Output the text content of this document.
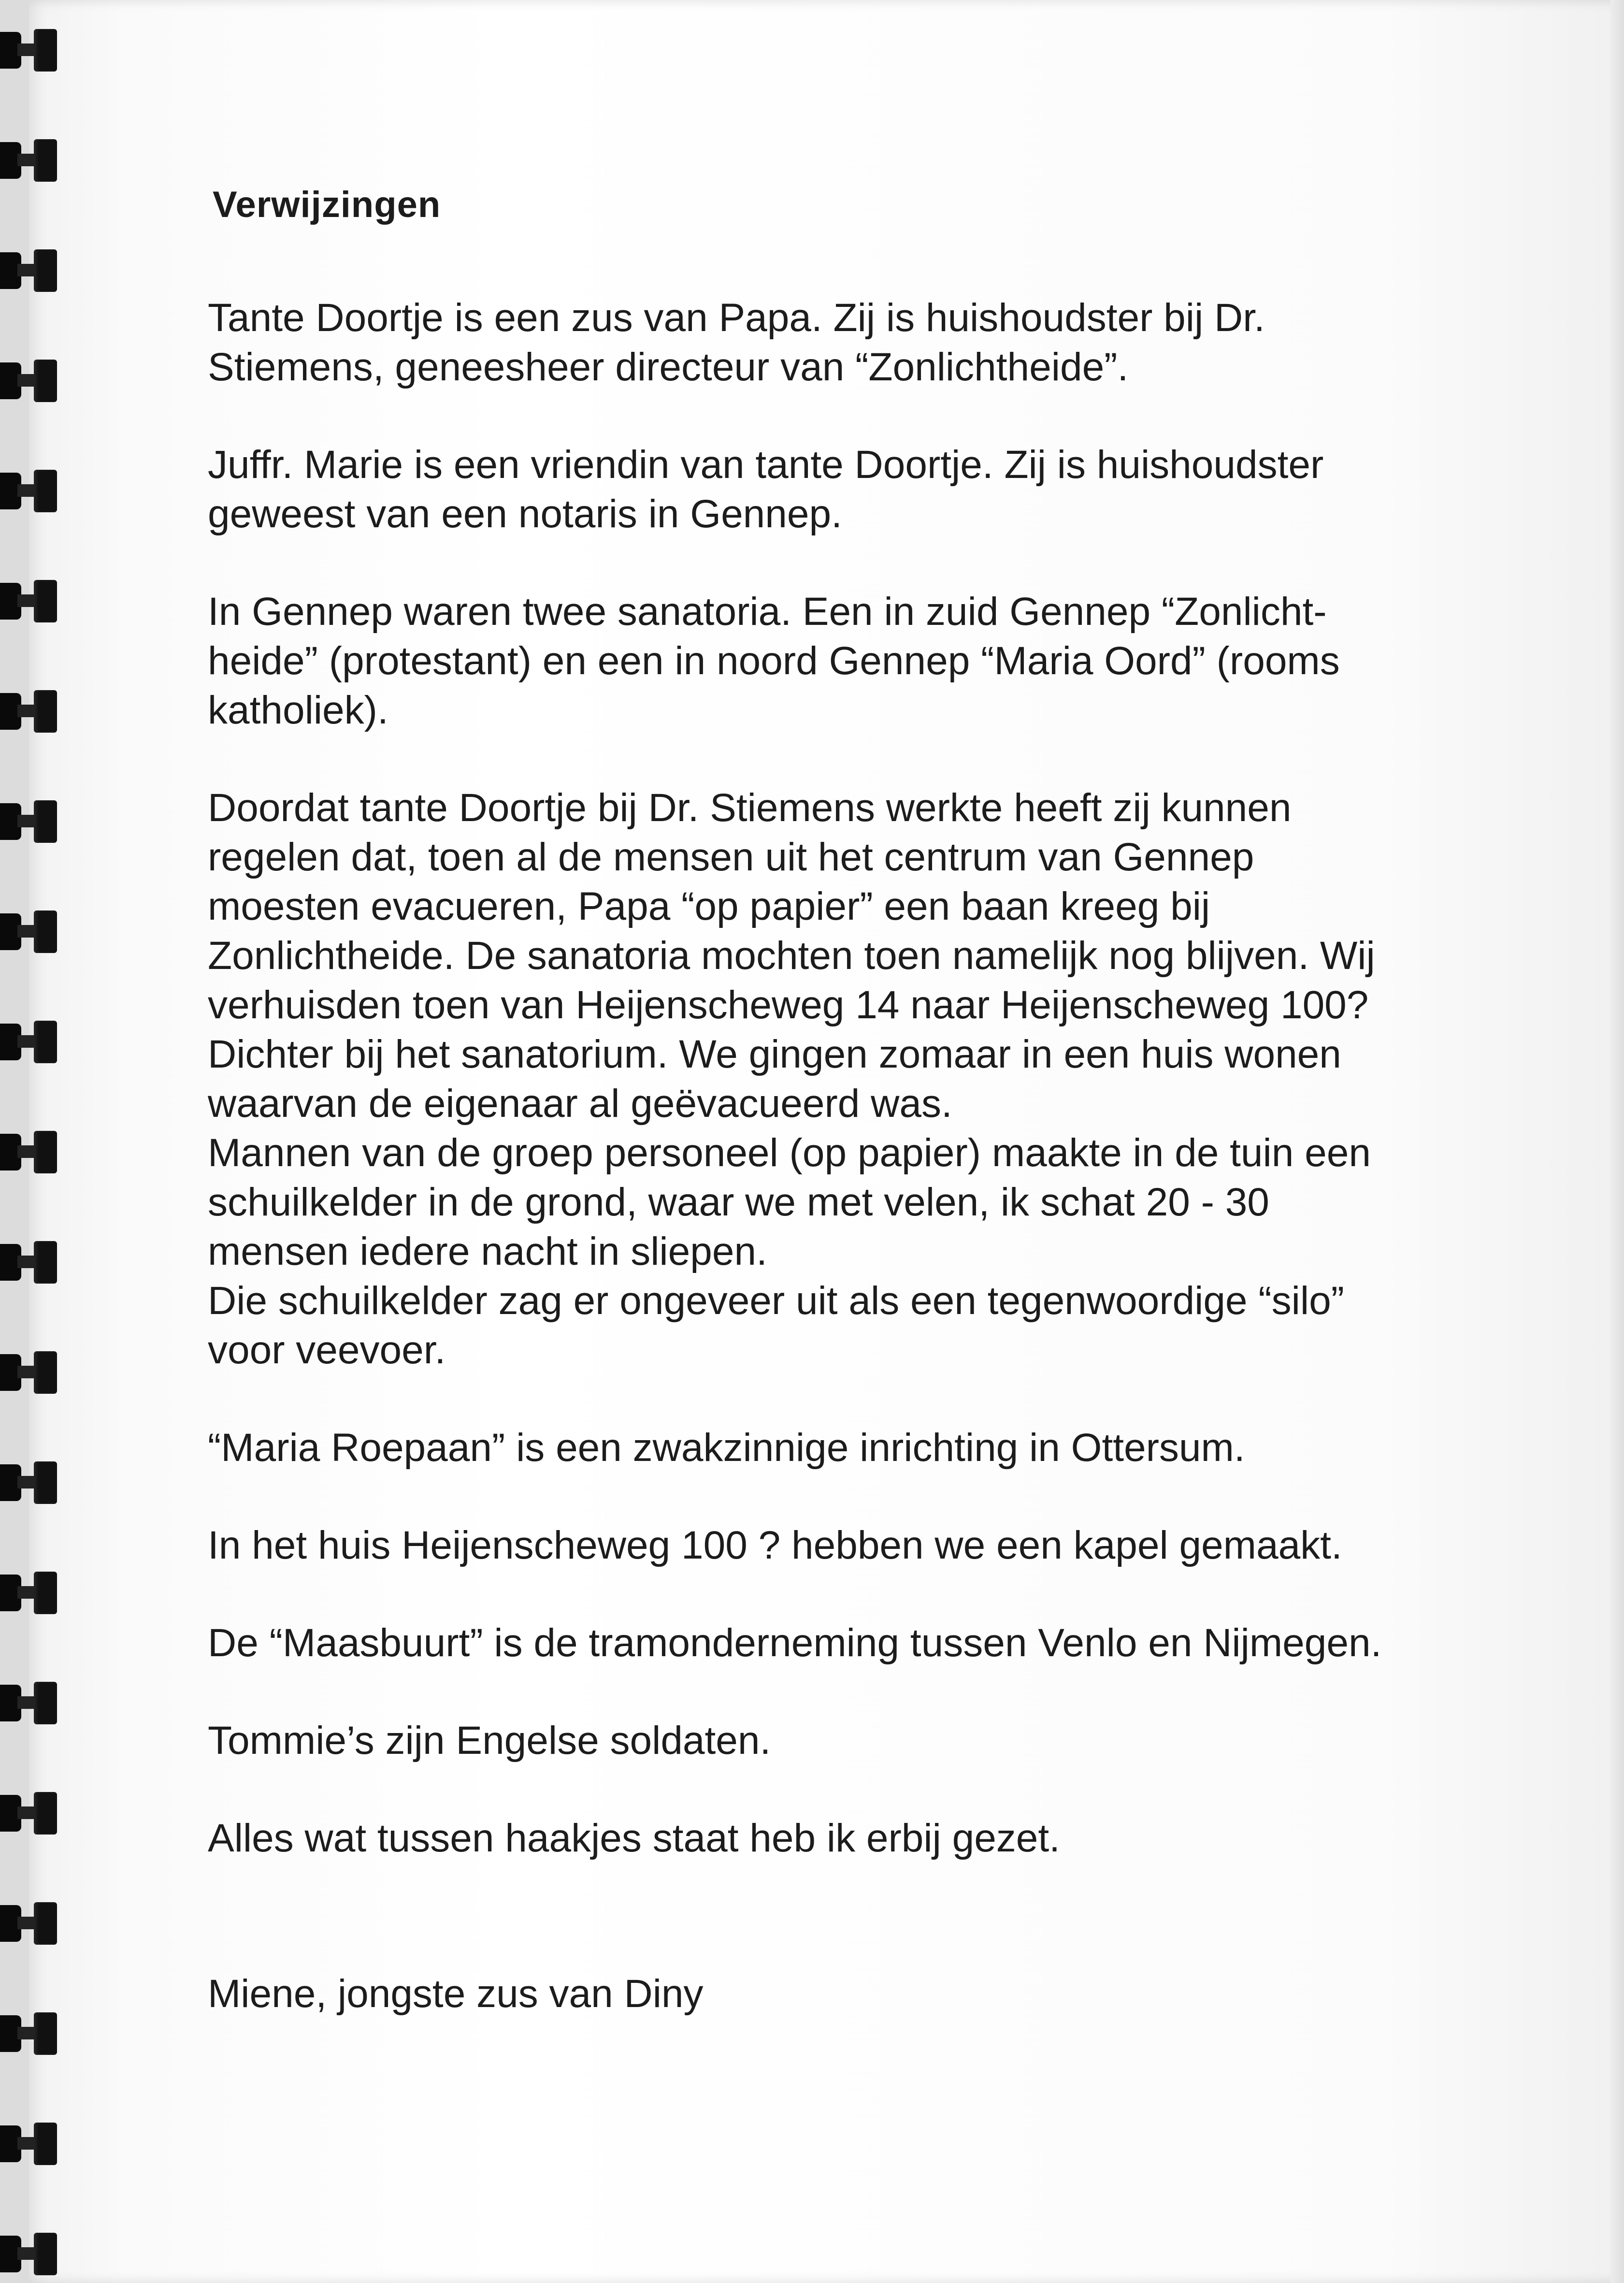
Verwijzingen

Tante Doortje is een zus van Papa. Zij is huishoudster bij Dr.
Stiemens, geneesheer directeur van “Zonlichtheide”.

Juffr. Marie is een vriendin van tante Doortje. Zij is huishoudster
geweest van een notaris in Gennep.

In Gennep waren twee sanatoria. Een in zuid Gennep “Zonlicht-
heide” (protestant) en een in noord Gennep “Maria Oord” (rooms
katholiek).

Doordat tante Doortje bij Dr. Stiemens werkte heeft zij kunnen
regelen dat, toen al de mensen uit het centrum van Gennep
moesten evacueren, Papa “op papier” een baan kreeg bij
Zonlichtheide. De sanatoria mochten toen namelijk nog blijven. Wij
verhuisden toen van Heijenscheweg 14 naar Heijenscheweg 100?
Dichter bij het sanatorium. We gingen zomaar in een huis wonen
waarvan de eigenaar al geëvacueerd was.
Mannen van de groep personeel (op papier) maakte in de tuin een
schuilkelder in de grond, waar we met velen, ik schat 20 - 30
mensen iedere nacht in sliepen.
Die schuilkelder zag er ongeveer uit als een tegenwoordige “silo”
voor veevoer.

“Maria Roepaan” is een zwakzinnige inrichting in Ottersum.

In het huis Heijenscheweg 100 ? hebben we een kapel gemaakt.

De “Maasbuurt” is de tramonderneming tussen Venlo en Nijmegen.

Tommie’s zijn Engelse soldaten.

Alles wat tussen haakjes staat heb ik erbij gezet.

Miene, jongste zus van Diny
